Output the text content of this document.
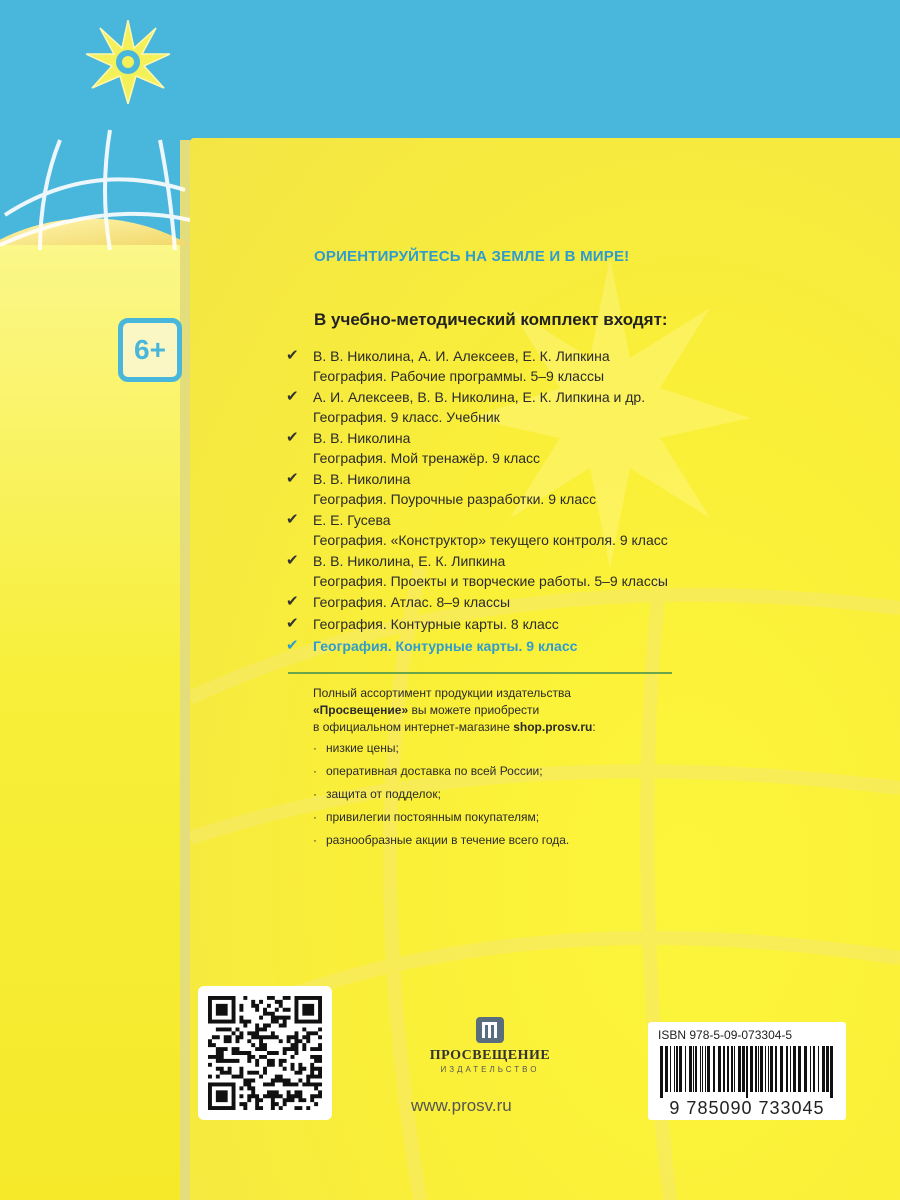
6+
ОРИЕНТИРУЙТЕСЬ НА ЗЕМЛЕ И В МИРЕ!
В учебно-методический комплект входят:
✔ В. В. Николина, А. И. Алексеев, Е. К. Липкина
География. Рабочие программы. 5–9 классы
✔ А. И. Алексеев, В. В. Николина, Е. К. Липкина и др.
География. 9 класс. Учебник
✔ В. В. Николина
География. Мой тренажёр. 9 класс
✔ В. В. Николина
География. Поурочные разработки. 9 класс
✔ Е. Е. Гусева
География. «Конструктор» текущего контроля. 9 класс
✔ В. В. Николина, Е. К. Липкина
География. Проекты и творческие работы. 5–9 классы
✔ География. Атлас. 8–9 классы
✔ География. Контурные карты. 8 класс
✔ География. Контурные карты. 9 класс
Полный ассортимент продукции издательства
«Просвещение» вы можете приобрести
в официальном интернет-магазине shop.prosv.ru:
· низкие цены;
· оперативная доставка по всей России;
· защита от подделок;
· привилегии постоянным покупателям;
· разнообразные акции в течение всего года.
ПРОСВЕЩЕНИЕ
ИЗДАТЕЛЬСТВО
www.prosv.ru
ISBN 978-5-09-073304-5
9 785090 733045
